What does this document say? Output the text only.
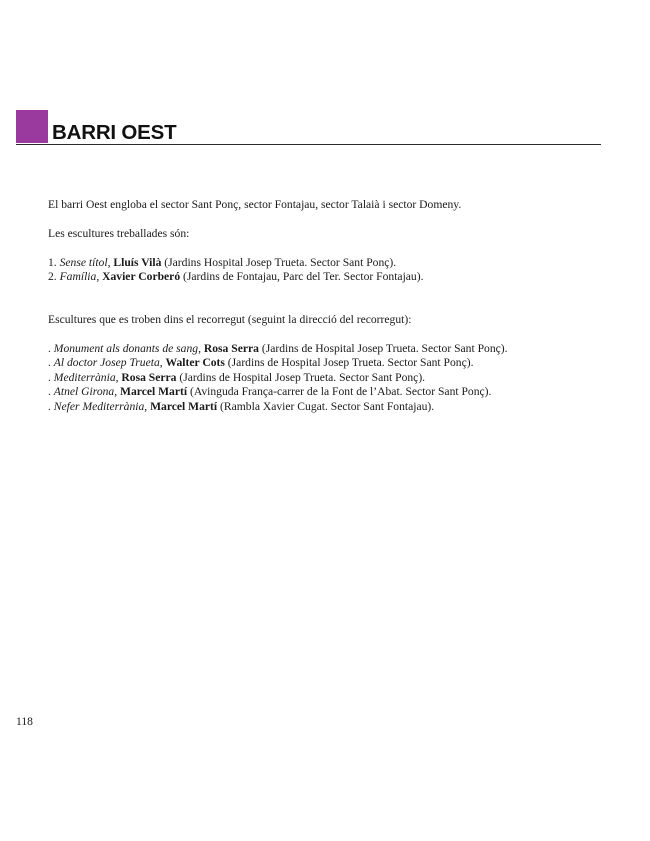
BARRI OEST

El barri Oest engloba el sector Sant Ponç, sector Fontajau, sector Talaià i sector Domeny.

Les escultures treballades són:

1. Sense títol, Lluís Vilà (Jardins Hospital Josep Trueta. Sector Sant Ponç).

2. Família, Xavier Corberó (Jardins de Fontajau, Parc del Ter. Sector Fontajau).

Escultures que es troben dins el recorregut (seguint la direcció del recorregut):

. Monument als donants de sang, Rosa Serra (Jardins de Hospital Josep Trueta. Sector Sant Ponç).

. Al doctor Josep Trueta, Walter Cots (Jardins de Hospital Josep Trueta. Sector Sant Ponç).

. Mediterrània, Rosa Serra (Jardins de Hospital Josep Trueta. Sector Sant Ponç).

. Atnel Girona, Marcel Martí (Avinguda França-carrer de la Font de l’Abat. Sector Sant Ponç).

. Nefer Mediterrània, Marcel Martí (Rambla Xavier Cugat. Sector Sant Fontajau).

118
